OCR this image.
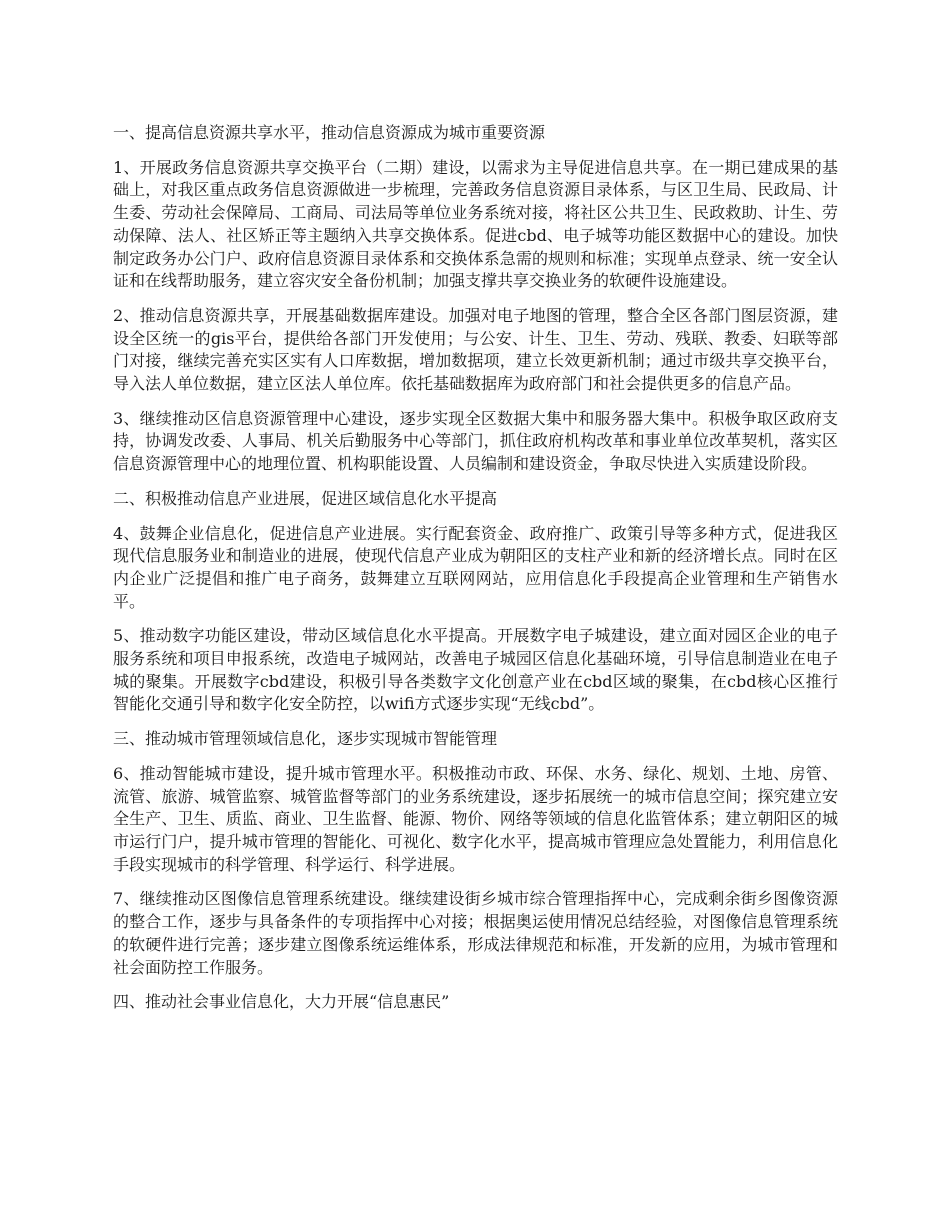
一、提高信息资源共享水平，推动信息资源成为城市重要资源

1、开展政务信息资源共享交换平台（二期）建设，以需求为主导促进信息共享。在一期已建成果的基础上，对我区重点政务信息资源做进一步梳理，完善政务信息资源目录体系，与区卫生局、民政局、计生委、劳动社会保障局、工商局、司法局等单位业务系统对接，将社区公共卫生、民政救助、计生、劳动保障、法人、社区矫正等主题纳入共享交换体系。促进cbd、电子城等功能区数据中心的建设。加快制定政务办公门户、政府信息资源目录体系和交换体系急需的规则和标准；实现单点登录、统一安全认证和在线帮助服务，建立容灾安全备份机制；加强支撑共享交换业务的软硬件设施建设。

2、推动信息资源共享，开展基础数据库建设。加强对电子地图的管理，整合全区各部门图层资源，建设全区统一的gis平台，提供给各部门开发使用；与公安、计生、卫生、劳动、残联、教委、妇联等部门对接，继续完善充实区实有人口库数据，增加数据项，建立长效更新机制；通过市级共享交换平台，导入法人单位数据，建立区法人单位库。依托基础数据库为政府部门和社会提供更多的信息产品。

3、继续推动区信息资源管理中心建设，逐步实现全区数据大集中和服务器大集中。积极争取区政府支持，协调发改委、人事局、机关后勤服务中心等部门，抓住政府机构改革和事业单位改革契机，落实区信息资源管理中心的地理位置、机构职能设置、人员编制和建设资金，争取尽快进入实质建设阶段。

二、积极推动信息产业进展，促进区域信息化水平提高

4、鼓舞企业信息化，促进信息产业进展。实行配套资金、政府推广、政策引导等多种方式，促进我区现代信息服务业和制造业的进展，使现代信息产业成为朝阳区的支柱产业和新的经济增长点。同时在区内企业广泛提倡和推广电子商务，鼓舞建立互联网网站，应用信息化手段提高企业管理和生产销售水平。

5、推动数字功能区建设，带动区域信息化水平提高。开展数字电子城建设，建立面对园区企业的电子服务系统和项目申报系统，改造电子城网站，改善电子城园区信息化基础环境，引导信息制造业在电子城的聚集。开展数字cbd建设，积极引导各类数字文化创意产业在cbd区域的聚集，在cbd核心区推行智能化交通引导和数字化安全防控，以wifi方式逐步实现“无线cbd”。

三、推动城市管理领域信息化，逐步实现城市智能管理

6、推动智能城市建设，提升城市管理水平。积极推动市政、环保、水务、绿化、规划、土地、房管、流管、旅游、城管监察、城管监督等部门的业务系统建设，逐步拓展统一的城市信息空间；探究建立安全生产、卫生、质监、商业、卫生监督、能源、物价、网络等领域的信息化监管体系；建立朝阳区的城市运行门户，提升城市管理的智能化、可视化、数字化水平，提高城市管理应急处置能力，利用信息化手段实现城市的科学管理、科学运行、科学进展。

7、继续推动区图像信息管理系统建设。继续建设街乡城市综合管理指挥中心，完成剩余街乡图像资源的整合工作，逐步与具备条件的专项指挥中心对接；根据奥运使用情况总结经验，对图像信息管理系统的软硬件进行完善；逐步建立图像系统运维体系，形成法律规范和标准，开发新的应用，为城市管理和社会面防控工作服务。

四、推动社会事业信息化，大力开展“信息惠民”
